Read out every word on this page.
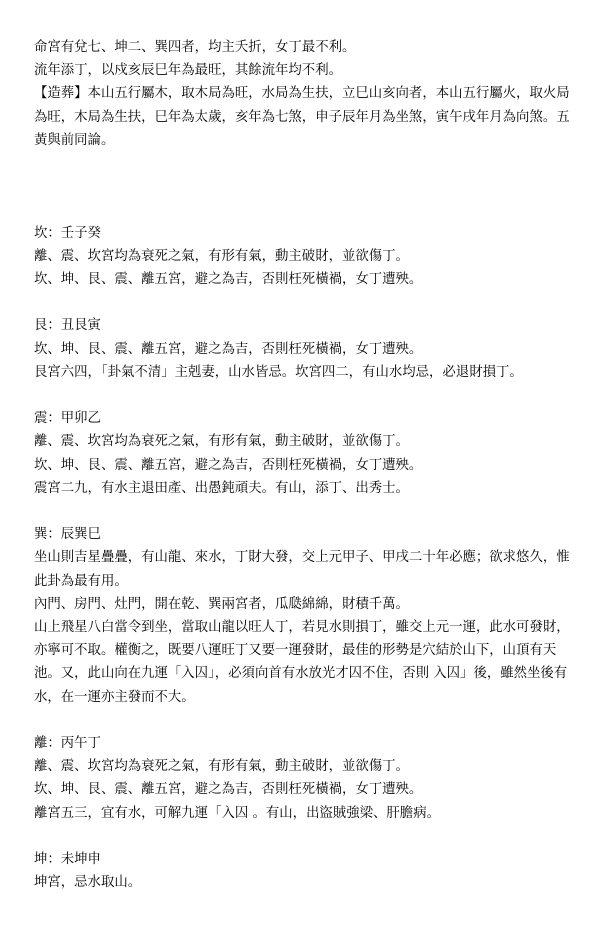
命宮有兌七、坤二、巽四者，均主夭折，女丁最不利。

流年添丁，以戍亥辰巳年為最旺，其餘流年均不利。

【造葬】本山五行屬木，取木局為旺，水局為生扶，立巳山亥向者，本山五行屬火，取火局為旺，木局為生扶，巳年為太歲，亥年為七煞，申子辰年月為坐煞，寅午戌年月為向煞。五黃與前同論。

坎：壬子癸

離、震、坎宮均為衰死之氣，有形有氣，動主破財，並欲傷丁。

坎、坤、艮、震、離五宮，避之為吉，否則枉死橫禍，女丁遭殃。

艮：丑艮寅

坎、坤、艮、震、離五宮，避之為吉，否則枉死橫禍，女丁遭殃。

艮宮六四，「卦氣不清」主剋妻，山水皆忌。坎宮四二，有山水均忌，必退財損丁。

震：甲卯乙

離、震、坎宮均為衰死之氣，有形有氣，動主破財，並欲傷丁。

坎、坤、艮、震、離五宮，避之為吉，否則枉死橫禍，女丁遭殃。

震宮二九，有水主退田產、出愚鈍頑夫。有山，添丁、出秀士。

巽：辰巽巳

坐山則吉星疊疊，有山龍、來水，丁財大發，交上元甲子、甲戌二十年必應；欲求悠久，惟此卦為最有用。

內門、房門、灶門，開在乾、巽兩宮者，瓜瓞綿綿，財積千萬。

山上飛星八白當令到坐，當取山龍以旺人丁，若見水則損丁，雖交上元一運，此水可發財，亦寧可不取。權衡之，既要八運旺丁又要一運發財，最佳的形勢是穴結於山下，山頂有天池。又，此山向在九運「入囚」，必須向首有水放光才囚不住，否則 入囚」後，雖然坐後有水，在一運亦主發而不大。

離：丙午丁

離、震、坎宮均為衰死之氣，有形有氣，動主破財，並欲傷丁。

坎、坤、艮、震、離五宮，避之為吉，否則枉死橫禍，女丁遭殃。

離宮五三，宜有水，可解九運「入囚 。有山，出盜賊強梁、肝膽病。

坤：未坤申

坤宮，忌水取山。
